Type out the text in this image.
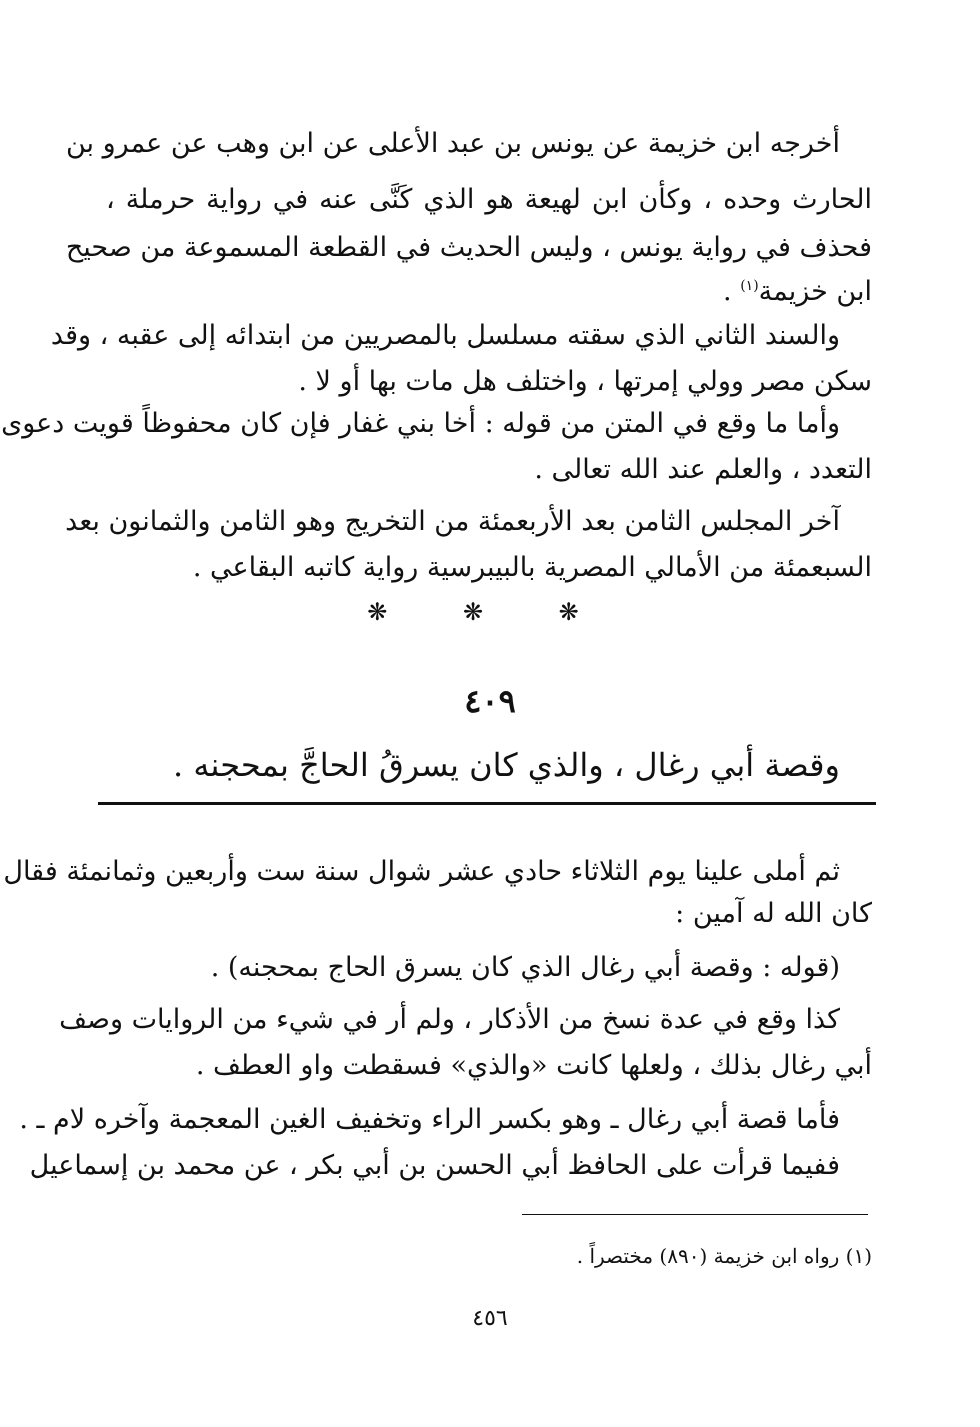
أخرجه ابن خزيمة عن يونس بن عبد الأعلى عن ابن وهب عن عمرو بن
الحارث وحده ، وكأن ابن لهيعة هو الذي كَنَّى عنه في رواية حرملة ،
فحذف في رواية يونس ، وليس الحديث في القطعة المسموعة من صحيح
ابن خزيمة$^{(١)}$ .
والسند الثاني الذي سقته مسلسل بالمصريين من ابتدائه إلى عقبه ، وقد
سكن مصر وولي إمرتها ، واختلف هل مات بها أو لا .
وأما ما وقع في المتن من قوله : أخا بني غفار فإن كان محفوظاً قويت دعوى
التعدد ، والعلم عند الله تعالى .
آخر المجلس الثامن بعد الأربعمئة من التخريج وهو الثامن والثمانون بعد
السبعمئة من الأمالي المصرية بالبيبرسية رواية كاتبه البقاعي .
❋ ❋ ❋
٤٠٩
وقصة أبي رغال ، والذي كان يسرقُ الحاجَّ بمحجنه .
ثم أملى علينا يوم الثلاثاء حادي عشر شوال سنة ست وأربعين وثمانمئة فقال
كان الله له آمين :
(قوله : وقصة أبي رغال الذي كان يسرق الحاج بمحجنه) .
كذا وقع في عدة نسخ من الأذكار ، ولم أر في شيء من الروايات وصف
أبي رغال بذلك ، ولعلها كانت «والذي» فسقطت واو العطف .
فأما قصة أبي رغال ـ وهو بكسر الراء وتخفيف الغين المعجمة وآخره لام ـ .
ففيما قرأت على الحافظ أبي الحسن بن أبي بكر ، عن محمد بن إسماعيل
(١) رواه ابن خزيمة (٨٩٠) مختصراً .
٤٥٦
